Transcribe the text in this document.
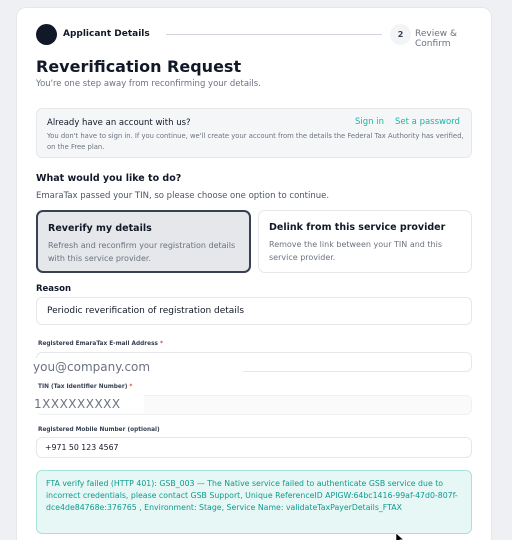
Applicant Details	2	Review & Confirm
Reverification Request

You're one step away from reconfirming your details.

Already have an account with us?	Sign in Set a password

You don't have to sign in. If you continue, we'll create your account from the details the Federal Tax Authority has verified, on the Free plan.

What would you like to do?

EmaraTax passed your TIN, so please choose one option to continue.

Reverify my details
Refresh and reconfirm your registration details with this service provider.
Delink from this service provider
Remove the link between your TIN and this service provider.
Reason
Periodic reverification of registration details
Registered EmaraTax E-mail Address *
you@company.com
TIN (Tax Identifier Number) *
1XXXXXXXXX
Registered Mobile Number (optional)
+971 50 123 4567
FTA verify failed (HTTP 401): GSB_003 — The Native service failed to authenticate GSB service due to incorrect credentials, please contact GSB Support, Unique ReferenceID APIGW:64bc1416-99af-47d0-807f-dce4de84768e:376765 , Environment: Stage, Service Name: validateTaxPayerDetails_FTAX
